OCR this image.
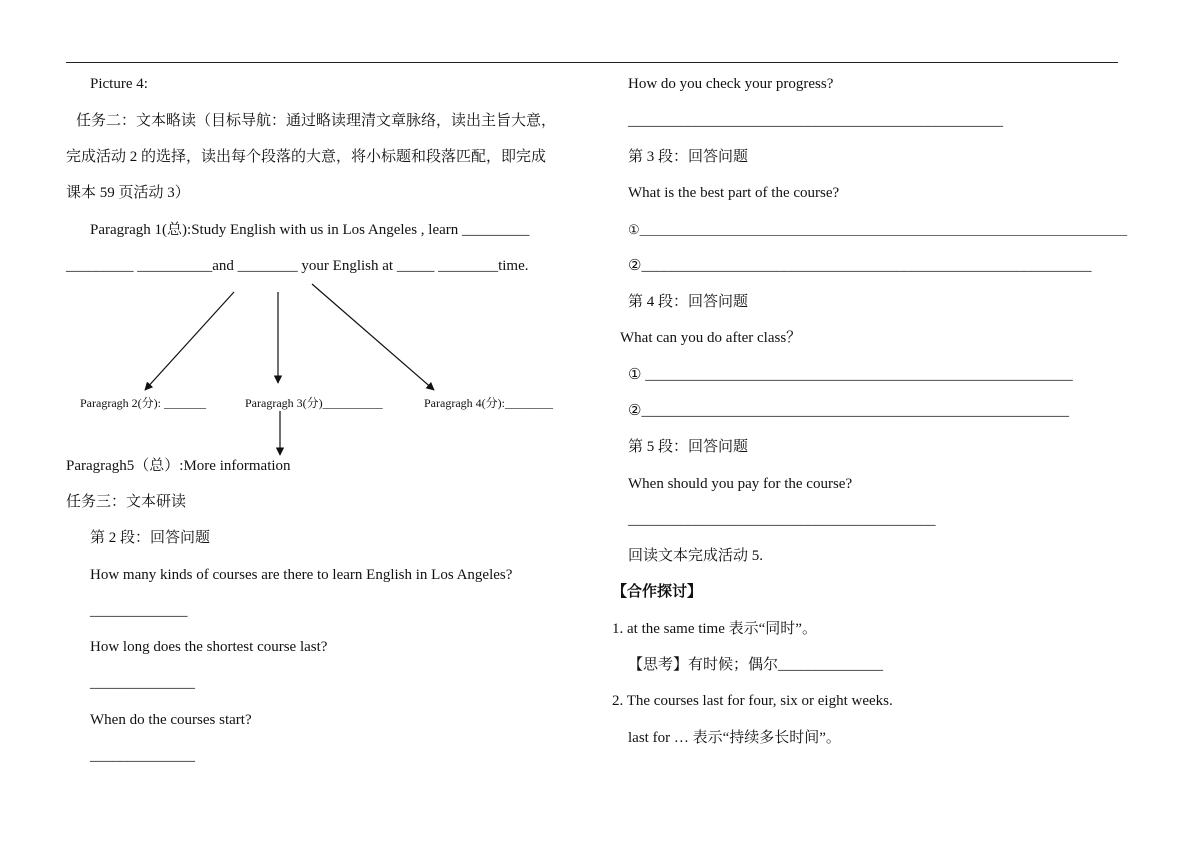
Picture 4:
任务二：文本略读（目标导航：通过略读理清文章脉络，读出主旨大意，
完成活动 2 的选择，读出每个段落的大意，将小标题和段落匹配，即完成
课本 59 页活动 3）
Paragragh 1(总):Study English with us in Los Angeles , learn _________
_________ __________and ________ your English at _____ ________time.
Paragragh 2(分): _______	Paragragh 3(分)__________	Paragragh 4(分):________
Paragragh5（总）:More information
任务三：文本研读
第 2 段：回答问题
How many kinds of courses are there to learn English in Los Angeles?
_____________
How long does the shortest course last?
______________
When do the courses start?
______________
How do you check your progress?
__________________________________________________
第 3 段：回答问题
What is the best part of the course?
①___________________________________________________________________________
②____________________________________________________________
第 4 段：回答问题
What can you do after class？
① _________________________________________________________
②_________________________________________________________
第 5 段：回答问题
When should you pay for the course?
_________________________________________
回读文本完成活动 5.
【合作探讨】
1. at the same time 表示“同时”。
【思考】有时候；偶尔______________
2. The courses last for four, six or eight weeks.
last for … 表示“持续多长时间”。
